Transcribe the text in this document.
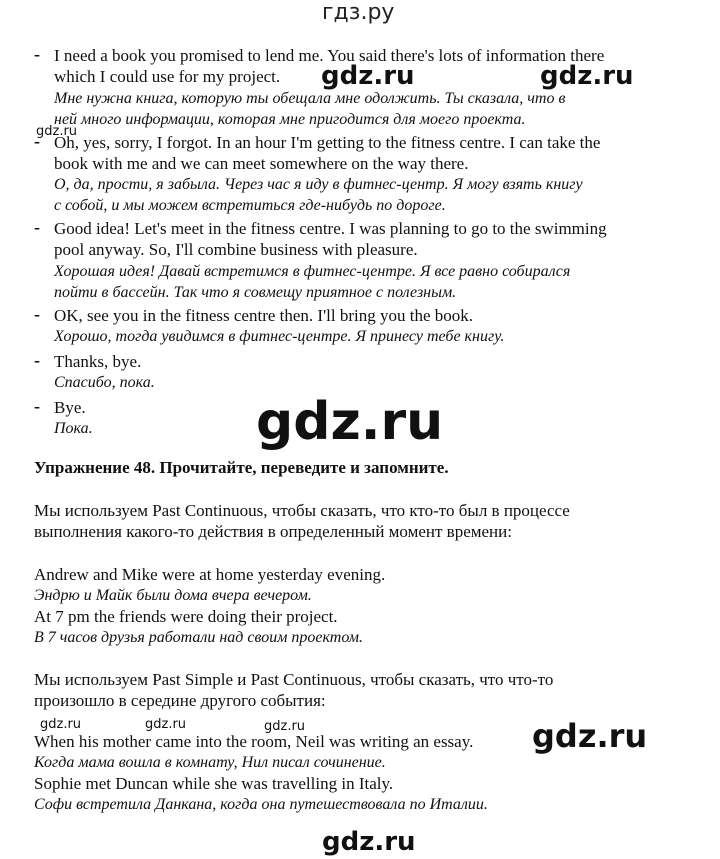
гдз.ру
- I need a book you promised to lend me. You said there's lots of information there
which I could use for my project.
Мне нужна книга, которую ты обещала мне одолжить. Ты сказала, что в
ней много информации, которая мне пригодится для моего проекта.
- Oh, yes, sorry, I forgot. In an hour I'm getting to the fitness centre. I can take the
book with me and we can meet somewhere on the way there.
О, да, прости, я забыла. Через час я иду в фитнес-центр. Я могу взять книгу
с собой, и мы можем встретиться где-нибудь по дороге.
- Good idea! Let's meet in the fitness centre. I was planning to go to the swimming
pool anyway. So, I'll combine business with pleasure.
Хорошая идея! Давай встретимся в фитнес-центре. Я все равно собирался
пойти в бассейн. Так что я совмещу приятное с полезным.
- OK, see you in the fitness centre then. I'll bring you the book.
Хорошо, тогда увидимся в фитнес-центре. Я принесу тебе книгу.
- Thanks, bye.
Спасибо, пока.
- Bye.
Пока.
Упражнение 48. Прочитайте, переведите и запомните.
Мы используем Past Continuous, чтобы сказать, что кто-то был в процессе
выполнения какого-то действия в определенный момент времени:
Andrew and Mike were at home yesterday evening.
Эндрю и Майк были дома вчера вечером.
At 7 pm the friends were doing their project.
В 7 часов друзья работали над своим проектом.
Мы используем Past Simple и Past Continuous, чтобы сказать, что что-то
произошло в середине другого события:
When his mother came into the room, Neil was writing an essay.
Когда мама вошла в комнату, Нил писал сочинение.
Sophie met Duncan while she was travelling in Italy.
Софи встретила Данкана, когда она путешествовала по Италии.
gdz.ru	gdz.ru
gdz.ru
gdz.ru
gdz.ru	gdz.ru	gdz.ru	gdz.ru
gdz.ru
